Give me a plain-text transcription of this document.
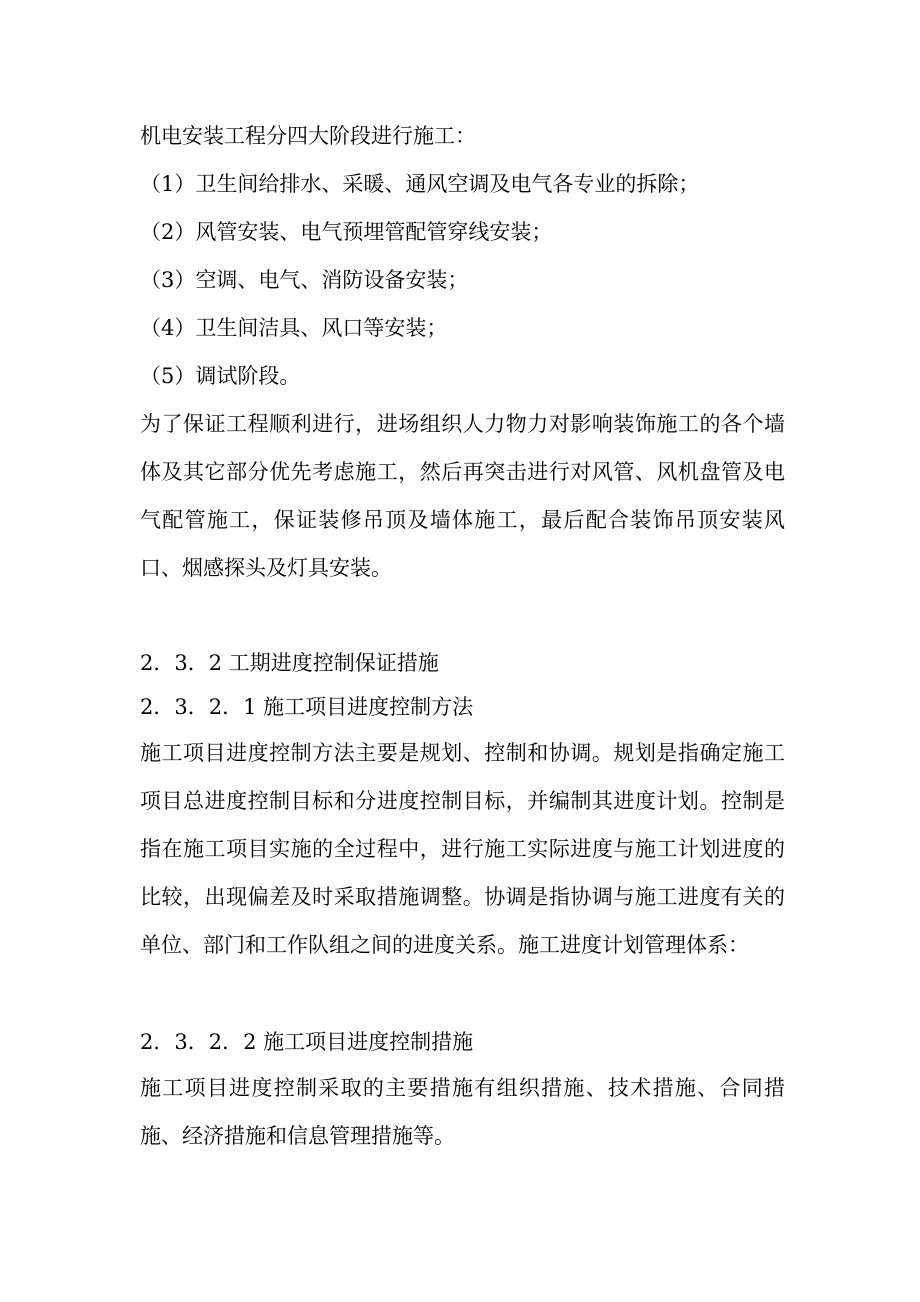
机电安装工程分四大阶段进行施工：
（1）卫生间给排水、采暖、通风空调及电气各专业的拆除；
（2）风管安装、电气预埋管配管穿线安装；
（3）空调、电气、消防设备安装；
（4）卫生间洁具、风口等安装；
（5）调试阶段。
为了保证工程顺利进行，进场组织人力物力对影响装饰施工的各个墙体及其它部分优先考虑施工，然后再突击进行对风管、风机盘管及电气配管施工，保证装修吊顶及墙体施工，最后配合装饰吊顶安装风口、烟感探头及灯具安装。
2．3．2 工期进度控制保证措施
2．3．2．1 施工项目进度控制方法
施工项目进度控制方法主要是规划、控制和协调。规划是指确定施工项目总进度控制目标和分进度控制目标，并编制其进度计划。控制是指在施工项目实施的全过程中，进行施工实际进度与施工计划进度的比较，出现偏差及时采取措施调整。协调是指协调与施工进度有关的单位、部门和工作队组之间的进度关系。施工进度计划管理体系：
2．3．2．2 施工项目进度控制措施
施工项目进度控制采取的主要措施有组织措施、技术措施、合同措施、经济措施和信息管理措施等。
